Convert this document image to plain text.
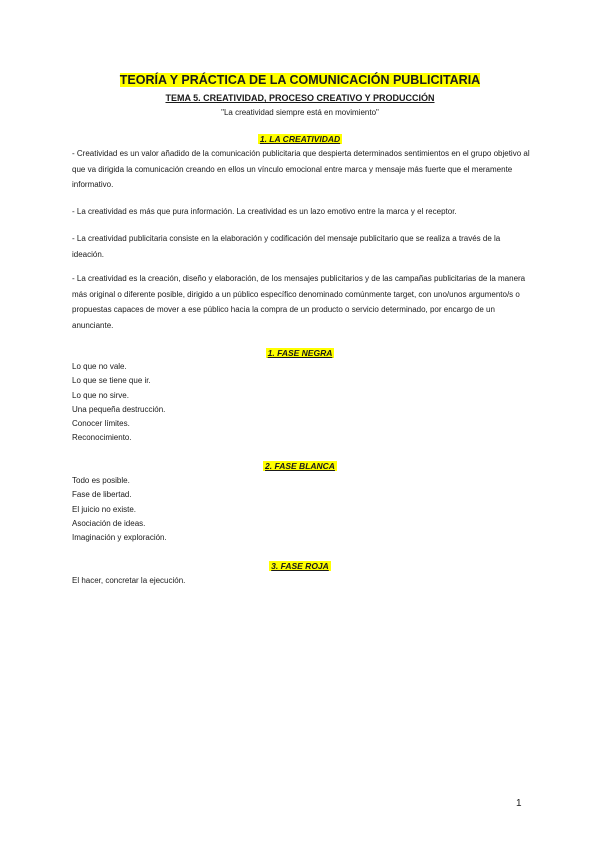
TEORÍA Y PRÁCTICA DE LA COMUNICACIÓN PUBLICITARIA
TEMA 5. CREATIVIDAD, PROCESO CREATIVO Y PRODUCCIÓN
"La creatividad siempre está en movimiento"
1. LA CREATIVIDAD

- Creatividad es un valor añadido de la comunicación publicitaria que despierta determinados sentimientos en el grupo objetivo al que va dirigida la comunicación creando en ellos un vínculo emocional entre marca y mensaje más fuerte que el meramente informativo.

- La creatividad es más que pura información. La creatividad es un lazo emotivo entre la marca y el receptor.

- La creatividad publicitaria consiste en la elaboración y codificación del mensaje publicitario que se realiza a través de la ideación.

- La creatividad es la creación, diseño y elaboración, de los mensajes publicitarios y de las campañas publicitarias de la manera más original o diferente posible, dirigido a un público específico denominado comúnmente target, con uno/unos argumento/s o propuestas capaces de mover a ese público hacia la compra de un producto o servicio determinado, por encargo de un anunciante.

1. FASE NEGRA
Lo que no vale.
Lo que se tiene que ir.
Lo que no sirve.
Una pequeña destrucción.
Conocer límites.
Reconocimiento.
2. FASE BLANCA
Todo es posible.
Fase de libertad.
El juicio no existe.
Asociación de ideas.
Imaginación y exploración.
3. FASE ROJA
El hacer, concretar la ejecución.
1
